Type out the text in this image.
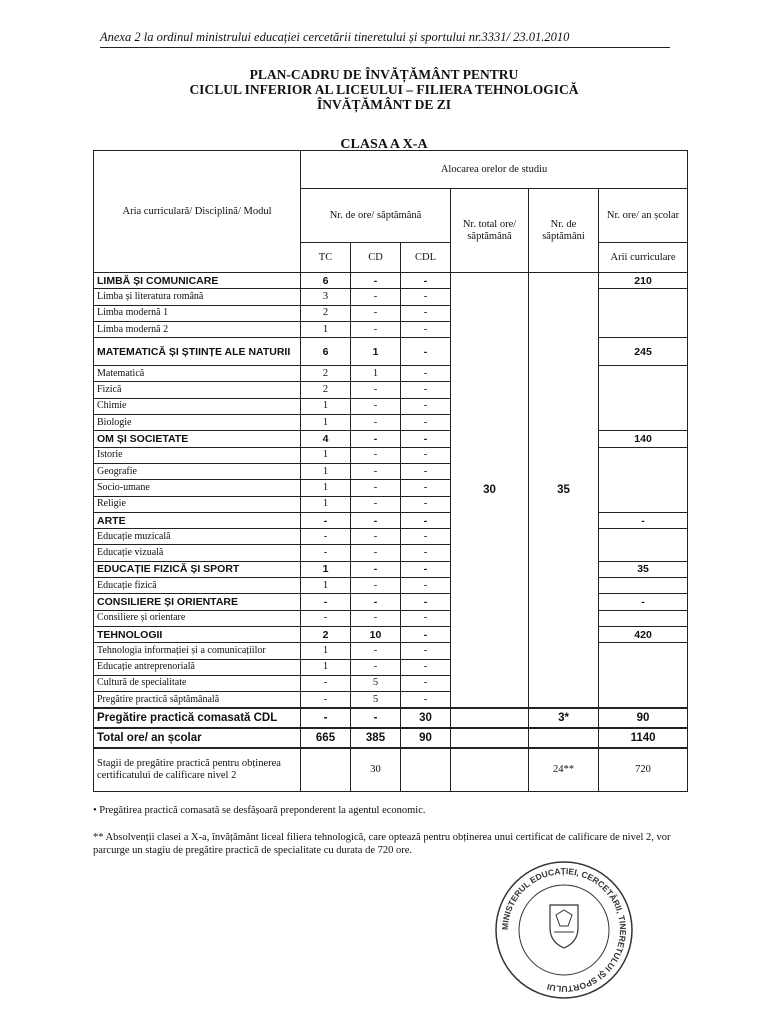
Anexa 2 la ordinul ministrului educației cercetării tineretului și sportului nr.3331/ 23.01.2010
PLAN-CADRU DE ÎNVĂȚĂMÂNT PENTRU
CICLUL INFERIOR AL LICEULUI – FILIERA TEHNOLOGICĂ
ÎNVĂȚĂMÂNT DE ZI
CLASA A X-A
Aria curriculară/ Disciplină/ Modul	Alocarea orelor de studiu					
	Nr. de ore/ săptămână			Nr. total ore/ săptămână	Nr. de săptămâni	Nr. ore/ an școlar
	TC	CD	CDL			Arii curriculare
LIMBĂ ȘI COMUNICARE	6	-	-	30	35	210
Limba și literatura română	3	-	-			
Limba modernă 1	2	-	-			
Limba modernă 2	1	-	-			
MATEMATICĂ ȘI ȘTIINȚE ALE NATURII	6	1	-			245
Matematică	2	1	-			
Fizică	2	-	-			
Chimie	1	-	-			
Biologie	1	-	-			
OM ȘI SOCIETATE	4	-	-			140
Istorie	1	-	-			
Geografie	1	-	-			
Socio-umane	1	-	-			
Religie	1	-	-			
ARTE	-	-	-			-
Educație muzicală	-	-	-			
Educație vizuală	-	-	-			
EDUCAȚIE FIZICĂ ȘI SPORT	1	-	-			35
Educație fizică	1	-	-			
CONSILIERE ȘI ORIENTARE	-	-	-			-
Consiliere și orientare	-	-	-			
TEHNOLOGII	2	10	-			420
Tehnologia informației și a comunicațiilor	1	-	-			
Educație antreprenorială	1	-	-			
Cultură de specialitate	-	5	-			
Pregătire practică săptămânală	-	5	-			
Pregătire practică comasată CDL	-	-	30		3*	90
Total ore/ an școlar	665	385	90			1140
Stagii de pregătire practică pentru obținerea certificatului de calificare nivel 2		30			24**	720
• Pregătirea practică comasată se desfășoară preponderent la agentul economic.
** Absolvenții clasei a X-a, învățământ liceal filiera tehnologică, care optează pentru obținerea unui certificat de calificare de nivel 2, vor parcurge un stagiu de pregătire practică de specialitate cu durata de 720 ore.
MINISTERUL EDUCAȚIEI, CERCETĂRII, TINERETULUI ȘI SPORTULUI
